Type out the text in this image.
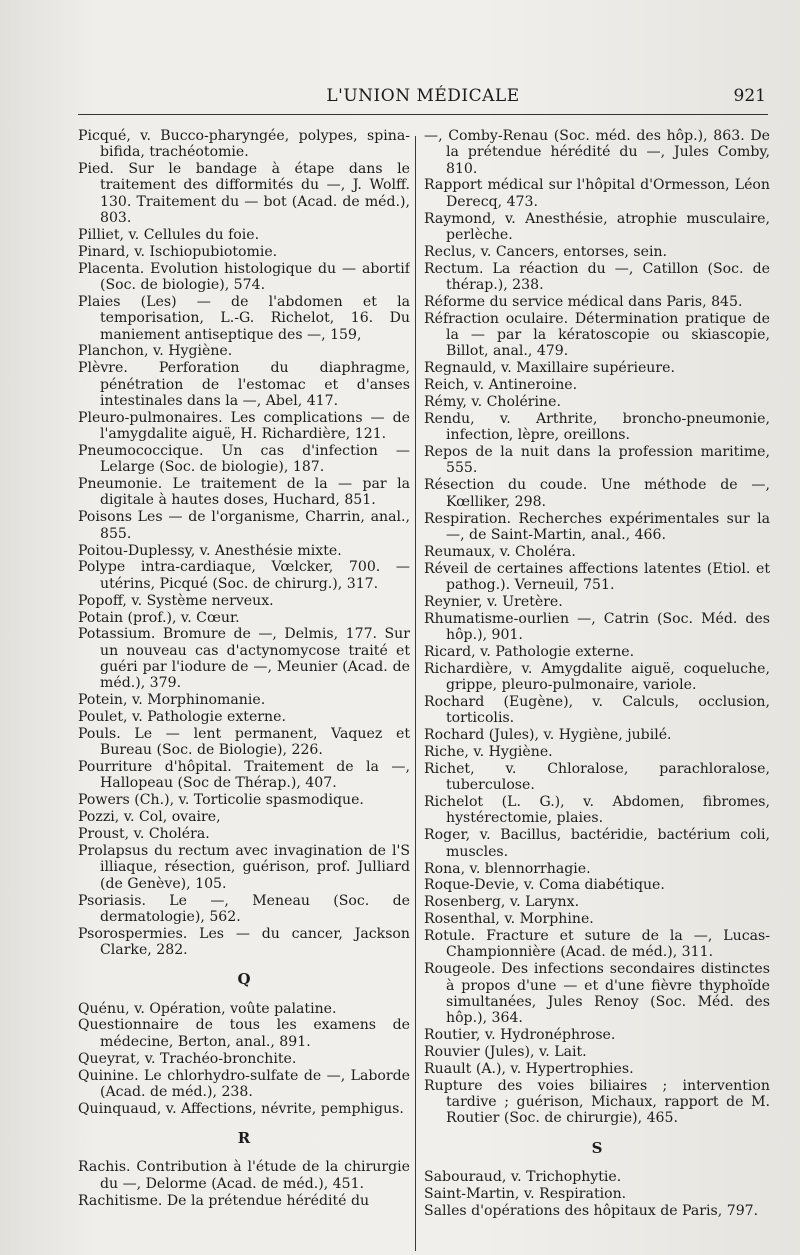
L'UNION MÉDICALE	921
Picqué, v. Bucco-pharyngée, polypes, spina-bifida, trachéotomie.
Pied. Sur le bandage à étape dans le traitement des difformités du —, J. Wolff. 130. Traitement du — bot (Acad. de méd.), 803.
Pilliet, v. Cellules du foie.
Pinard, v. Ischiopubiotomie.
Placenta. Evolution histologique du — abortif (Soc. de biologie), 574.
Plaies (Les) — de l'abdomen et la temporisation, L.-G. Richelot, 16. Du maniement antiseptique des —, 159,
Planchon, v. Hygiène.
Plèvre. Perforation du diaphragme, pénétration de l'estomac et d'anses intestinales dans la —, Abel, 417.
Pleuro-pulmonaires. Les complications — de l'amygdalite aiguë, H. Richardière, 121.
Pneumococcique. Un cas d'infection — Lelarge (Soc. de biologie), 187.
Pneumonie. Le traitement de la — par la digitale à hautes doses, Huchard, 851.
Poisons Les — de l'organisme, Charrin, anal., 855.
Poitou-Duplessy, v. Anesthésie mixte.
Polype intra-cardiaque, Vœlcker, 700. — utérins, Picqué (Soc. de chirurg.), 317.
Popoff, v. Système nerveux.
Potain (prof.), v. Cœur.
Potassium. Bromure de —, Delmis, 177. Sur un nouveau cas d'actynomycose traité et guéri par l'iodure de —, Meunier (Acad. de méd.), 379.
Potein, v. Morphinomanie.
Poulet, v. Pathologie externe.
Pouls. Le — lent permanent, Vaquez et Bureau (Soc. de Biologie), 226.
Pourriture d'hôpital. Traitement de la —, Hallopeau (Soc de Thérap.), 407.
Powers (Ch.), v. Torticolie spasmodique.
Pozzi, v. Col, ovaire,
Proust, v. Choléra.
Prolapsus du rectum avec invagination de l'S illiaque, résection, guérison, prof. Julliard (de Genève), 105.
Psoriasis. Le —, Meneau (Soc. de dermatologie), 562.
Psorospermies. Les — du cancer, Jackson Clarke, 282.
Q
Quénu, v. Opération, voûte palatine.
Questionnaire de tous les examens de médecine, Berton, anal., 891.
Queyrat, v. Trachéo-bronchite.
Quinine. Le chlorhydro-sulfate de —, Laborde (Acad. de méd.), 238.
Quinquaud, v. Affections, névrite, pemphigus.
R
Rachis. Contribution à l'étude de la chirurgie du —, Delorme (Acad. de méd.), 451.
Rachitisme. De la prétendue hérédité du
—, Comby-Renau (Soc. méd. des hôp.), 863. De la prétendue hérédité du —, Jules Comby, 810.
Rapport médical sur l'hôpital d'Ormesson, Léon Derecq, 473.
Raymond, v. Anesthésie, atrophie musculaire, perlèche.
Reclus, v. Cancers, entorses, sein.
Rectum. La réaction du —, Catillon (Soc. de thérap.), 238.
Réforme du service médical dans Paris, 845.
Réfraction oculaire. Détermination pratique de la — par la kératoscopie ou skiascopie, Billot, anal., 479.
Regnauld, v. Maxillaire supérieure.
Reich, v. Antineroine.
Rémy, v. Cholérine.
Rendu, v. Arthrite, broncho-pneumonie, infection, lèpre, oreillons.
Repos de la nuit dans la profession maritime, 555.
Résection du coude. Une méthode de —, Kœlliker, 298.
Respiration. Recherches expérimentales sur la —, de Saint-Martin, anal., 466.
Reumaux, v. Choléra.
Réveil de certaines affections latentes (Etiol. et pathog.). Verneuil, 751.
Reynier, v. Uretère.
Rhumatisme-ourlien —, Catrin (Soc. Méd. des hôp.), 901.
Ricard, v. Pathologie externe.
Richardière, v. Amygdalite aiguë, coqueluche, grippe, pleuro-pulmonaire, variole.
Rochard (Eugène), v. Calculs, occlusion, torticolis.
Rochard (Jules), v. Hygiène, jubilé.
Riche, v. Hygiène.
Richet, v. Chloralose, parachloralose, tuberculose.
Richelot (L. G.), v. Abdomen, fibromes, hystérectomie, plaies.
Roger, v. Bacillus, bactéridie, bactérium coli, muscles.
Rona, v. blennorrhagie.
Roque-Devie, v. Coma diabétique.
Rosenberg, v. Larynx.
Rosenthal, v. Morphine.
Rotule. Fracture et suture de la —, Lucas-Championnière (Acad. de méd.), 311.
Rougeole. Des infections secondaires distinctes à propos d'une — et d'une fièvre thyphoïde simultanées, Jules Renoy (Soc. Méd. des hôp.), 364.
Routier, v. Hydronéphrose.
Rouvier (Jules), v. Lait.
Ruault (A.), v. Hypertrophies.
Rupture des voies biliaires ; intervention tardive ; guérison, Michaux, rapport de M. Routier (Soc. de chirurgie), 465.
S
Sabouraud, v. Trichophytie.
Saint-Martin, v. Respiration.
Salles d'opérations des hôpitaux de Paris, 797.
